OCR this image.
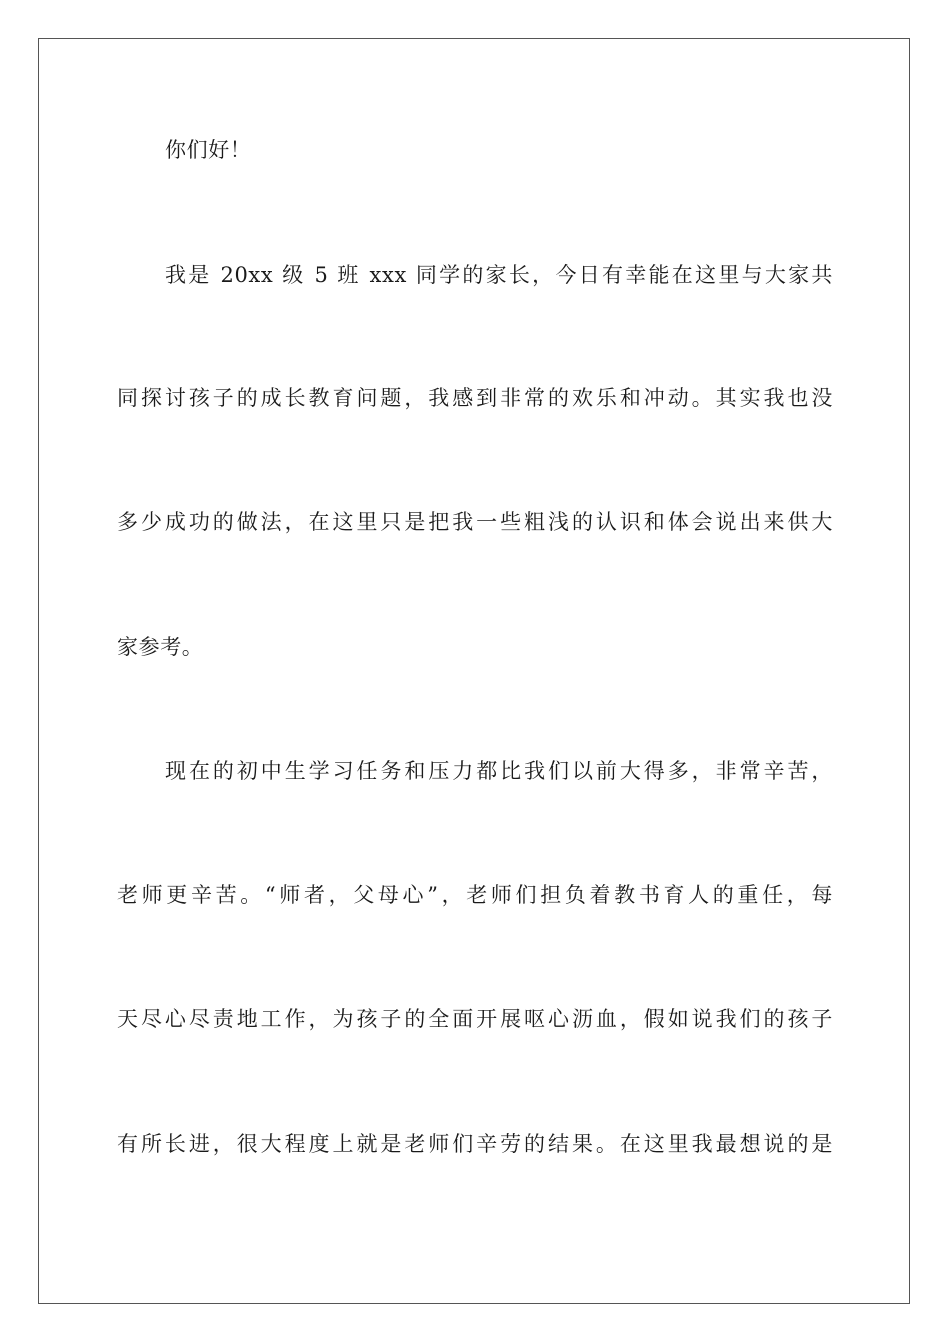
你们好！
我是 20xx 级 5 班 xxx 同学的家长，今日有幸能在这里与大家共
同探讨孩子的成长教育问题，我感到非常的欢乐和冲动。其实我也没
多少成功的做法，在这里只是把我一些粗浅的认识和体会说出来供大
家参考。
现在的初中生学习任务和压力都比我们以前大得多，非常辛苦，
老师更辛苦。“师者，父母心”，老师们担负着教书育人的重任，每
天尽心尽责地工作，为孩子的全面开展呕心沥血，假如说我们的孩子
有所长进，很大程度上就是老师们辛劳的结果。在这里我最想说的是
